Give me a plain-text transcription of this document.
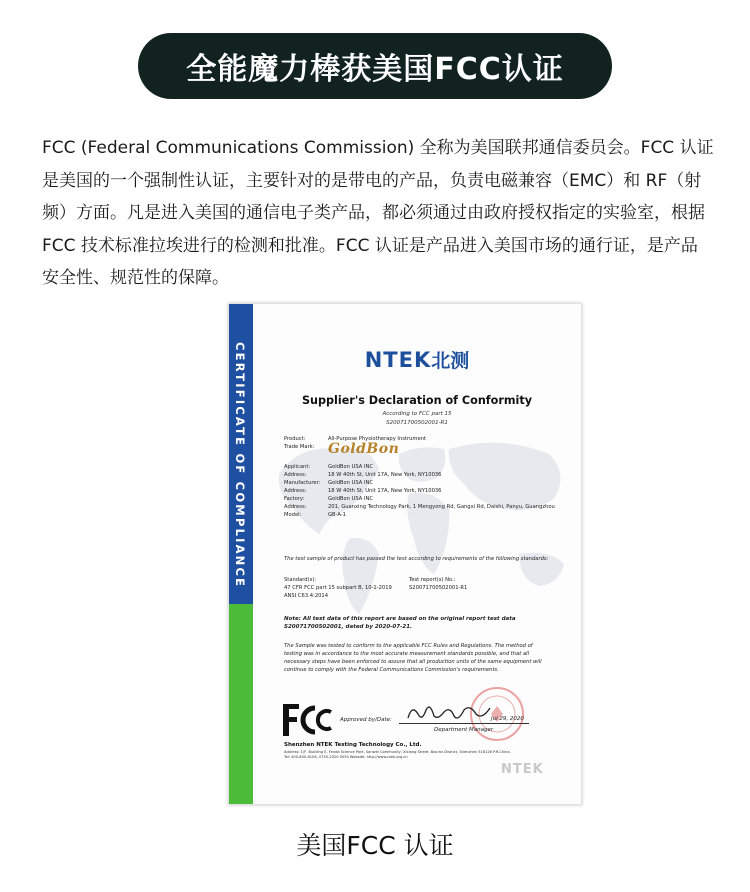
全能魔力棒获美国FCC认证
FCC (Federal Communications Commission) 全称为美国联邦通信委员会。FCC 认证是美国的一个强制性认证，主要针对的是带电的产品，负责电磁兼容（EMC）和 RF（射频）方面。凡是进入美国的通信电子类产品，都必须通过由政府授权指定的实验室，根据 FCC 技术标准拉埃进行的检测和批准。FCC 认证是产品进入美国市场的通行证，是产品安全性、规范性的保障。
CERTIFICATE OF COMPLIANCE	NTEK北测
Supplier's Declaration of Conformity
According to FCC part 15
S20071700502001-R1
Product:	All-Purpose Physiotherapy Instrument
Trade Mark: GoldBon
Applicant:	GoldBon USA INC
Address:	18 W 40th St, Unit 17A, New York, NY10036
Manufacturer:	GoldBon USA INC
Address:	18 W 40th St, Unit 17A, New York, NY10036
Factory:	GoldBon USA INC
Address:	201, Guanxing Technology Park, 1 Mengyong Rd, Gangxi Rd, Daishi, Panyu, Guangzhou
Model:	GB-A-1
The test sample of product has passed the test according to requirements of the following standards:
Standard(s):	Test report(s) No.:
47 CFR FCC part 15 subpart B, 10-1-2019	S20071700502001-R1
ANSI C63.4:2014
Note: All test data of this report are based on the original report test data S20071700502001, dated by 2020-07-21.
The Sample was tested to conform to the applicable FCC Rules and Regulations. The method of testing was in accordance to the most accurate measurement standards possible, and that all necessary steps have been enforced to assure that all production units of the same equipment will continue to comply with the Federal Communications Commission's requirements.
Approved by/Date:	Jul 29, 2020
Department Manager
Shenzhen NTEK Testing Technology Co., Ltd.
Address: 1/F, Building E, Fenda Science Park, Sanwei Community, Xixiang Street, Bao'an District, Shenzhen 518126 P.R.China.
Tel: 400-800-6106, 0755-2320 0050 Website: http://www.ntek.org.cn
NTEK
美国FCC 认证
